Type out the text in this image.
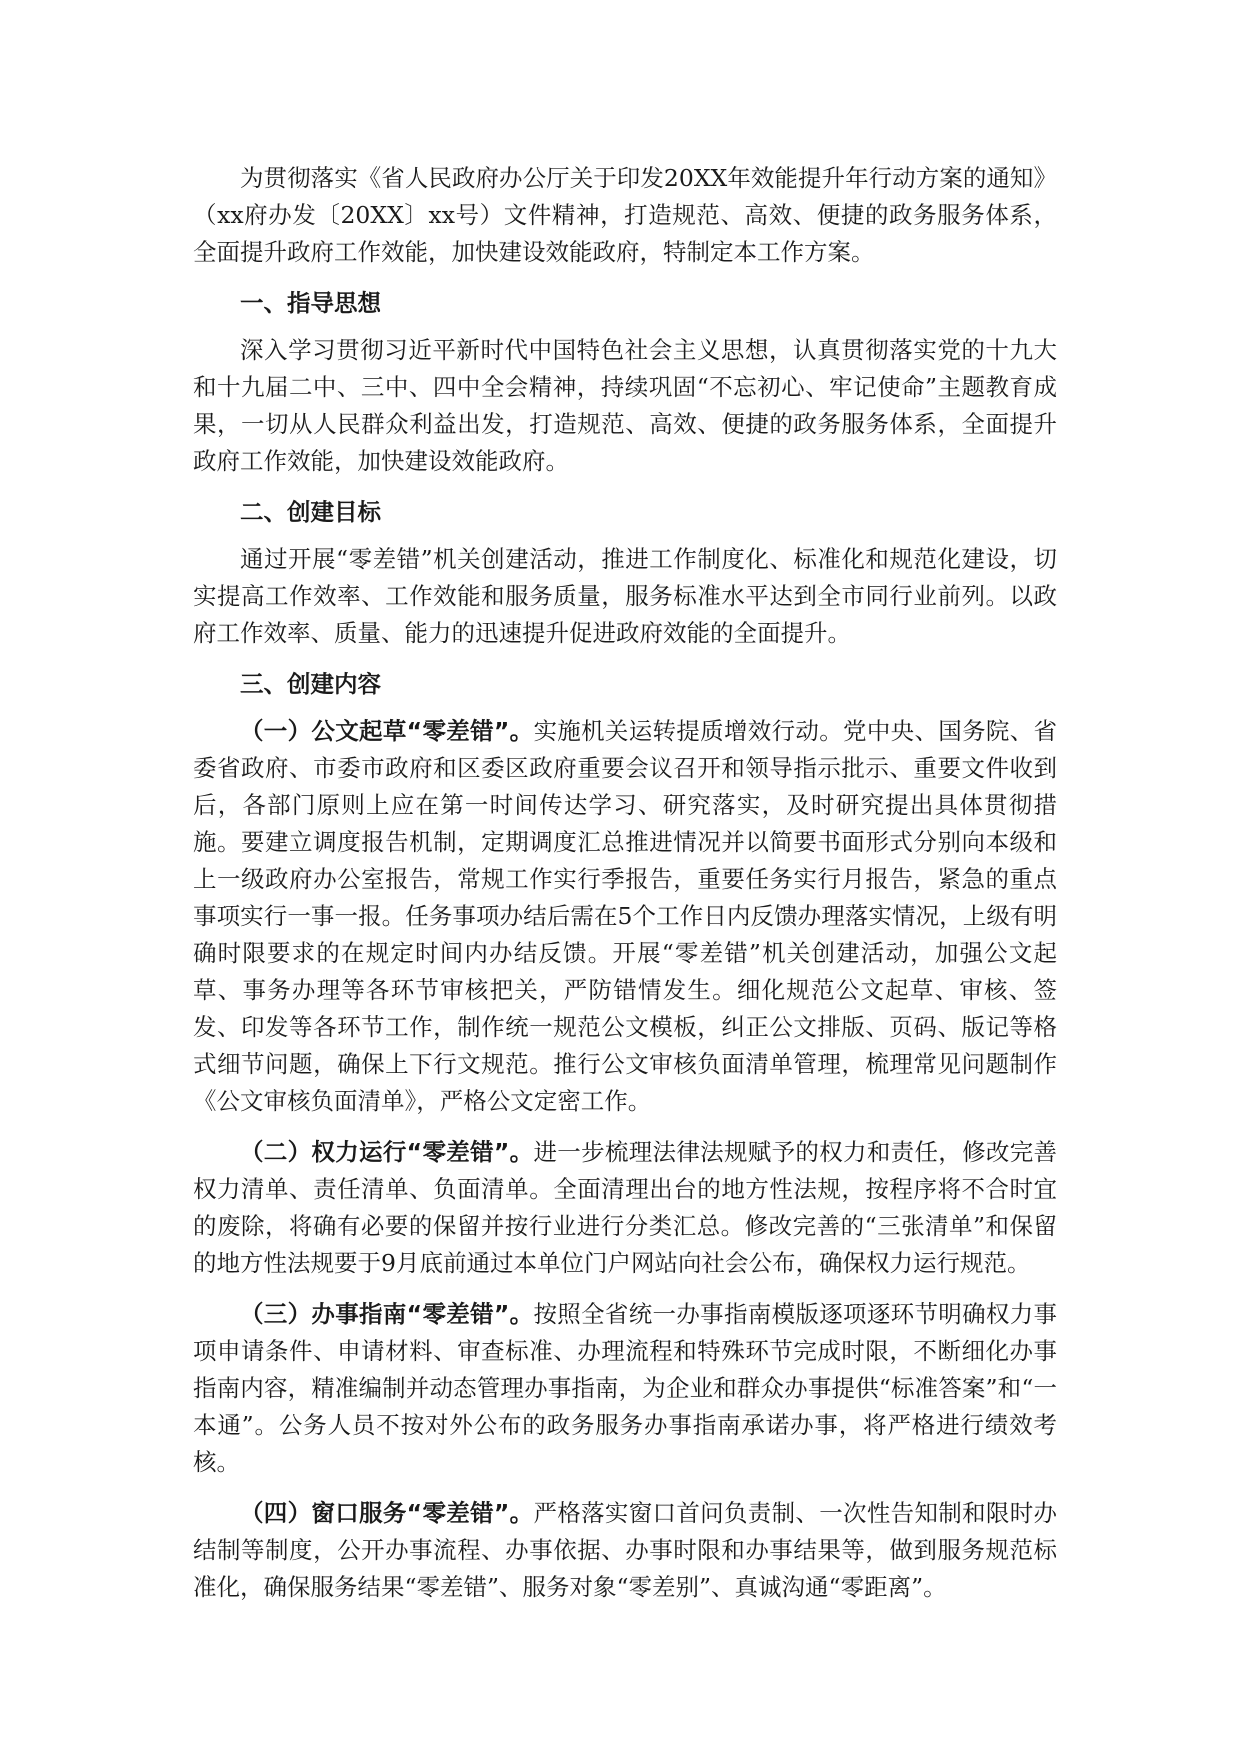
为贯彻落实《省人民政府办公厅关于印发20XX年效能提升年行动方案的通知》（xx府办发〔20XX〕xx号）文件精神，打造规范、高效、便捷的政务服务体系，全面提升政府工作效能，加快建设效能政府，特制定本工作方案。

一、指导思想

深入学习贯彻习近平新时代中国特色社会主义思想，认真贯彻落实党的十九大和十九届二中、三中、四中全会精神，持续巩固“不忘初心、牢记使命”主题教育成果，一切从人民群众利益出发，打造规范、高效、便捷的政务服务体系，全面提升政府工作效能，加快建设效能政府。

二、创建目标

通过开展“零差错”机关创建活动，推进工作制度化、标准化和规范化建设，切实提高工作效率、工作效能和服务质量，服务标准水平达到全市同行业前列。以政府工作效率、质量、能力的迅速提升促进政府效能的全面提升。

三、创建内容

（一）公文起草“零差错”。实施机关运转提质增效行动。党中央、国务院、省委省政府、市委市政府和区委区政府重要会议召开和领导指示批示、重要文件收到后，各部门原则上应在第一时间传达学习、研究落实，及时研究提出具体贯彻措施。要建立调度报告机制，定期调度汇总推进情况并以简要书面形式分别向本级和上一级政府办公室报告，常规工作实行季报告，重要任务实行月报告，紧急的重点事项实行一事一报。任务事项办结后需在5个工作日内反馈办理落实情况，上级有明确时限要求的在规定时间内办结反馈。开展“零差错”机关创建活动，加强公文起草、事务办理等各环节审核把关，严防错情发生。细化规范公文起草、审核、签发、印发等各环节工作，制作统一规范公文模板，纠正公文排版、页码、版记等格式细节问题，确保上下行文规范。推行公文审核负面清单管理，梳理常见问题制作《公文审核负面清单》，严格公文定密工作。

（二）权力运行“零差错”。进一步梳理法律法规赋予的权力和责任，修改完善权力清单、责任清单、负面清单。全面清理出台的地方性法规，按程序将不合时宜的废除，将确有必要的保留并按行业进行分类汇总。修改完善的“三张清单”和保留的地方性法规要于9月底前通过本单位门户网站向社会公布，确保权力运行规范。

（三）办事指南“零差错”。按照全省统一办事指南模版逐项逐环节明确权力事项申请条件、申请材料、审查标准、办理流程和特殊环节完成时限，不断细化办事指南内容，精准编制并动态管理办事指南，为企业和群众办事提供“标准答案”和“一本通”。公务人员不按对外公布的政务服务办事指南承诺办事，将严格进行绩效考核。

（四）窗口服务“零差错”。严格落实窗口首问负责制、一次性告知制和限时办结制等制度，公开办事流程、办事依据、办事时限和办事结果等，做到服务规范标准化，确保服务结果“零差错”、服务对象“零差别”、真诚沟通“零距离”。
